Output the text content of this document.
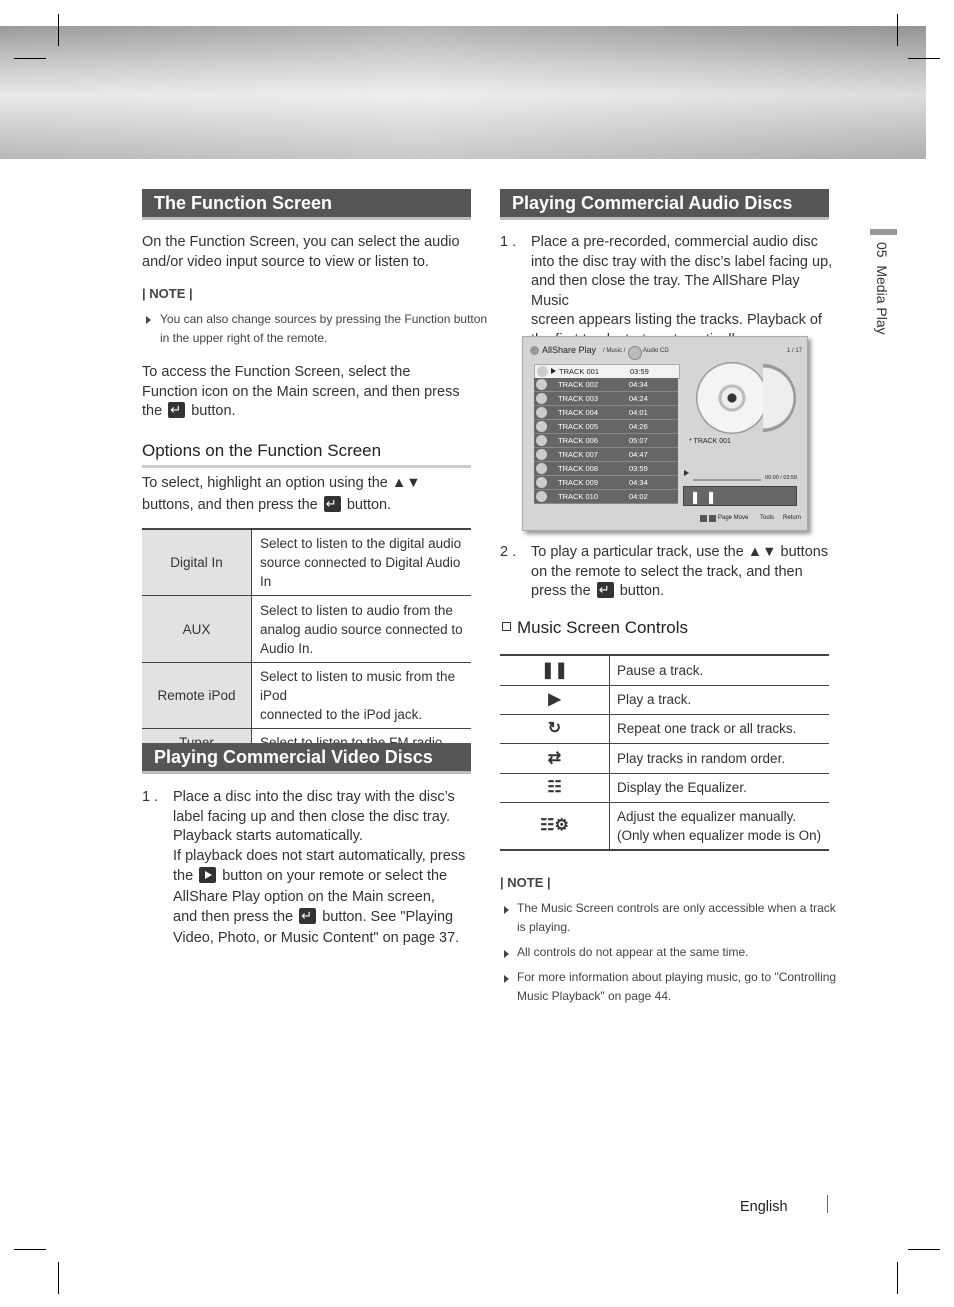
05  Media Play
The Function Screen
On the Function Screen, you can select the audio and/or video input source to view or listen to.
| NOTE |
You can also change sources by pressing the Function button
in the upper right of the remote.
To access the Function Screen, select the
Function icon on the Main screen, and then press
the ↵ button.
Options on the Function Screen
To select, highlight an option using the ▲▼
buttons, and then press the ↵ button.
Digital In	Select to listen to the digital audio
source connected to Digital Audio In

AUX	Select to listen to audio from the
analog audio source connected to
Audio In.

Remote iPod	Select to listen to music from the iPod
connected to the iPod jack.

Playing Commercial Video Discs
1 . Place a disc into the disc tray with the disc’s
label facing up and then close the disc tray.
Playback starts automatically.
If playback does not start automatically, press
the button on your remote or select the
AllShare Play option on the Main screen,
and then press the ↵ button. See "Playing
Video, Photo, or Music Content" on page 37.
Playing Commercial Audio Discs
1 . Place a pre-recorded, commercial audio disc
into the disc tray with the disc’s label facing up,
and then close the tray. The AllShare Play Music
screen appears listing the tracks. Playback of
AllShare Play / Music /	Audio CD	1 / 17
TRACK 001	03:59
TRACK 002	04:34
TRACK 003	04:24
TRACK 004	04:01
TRACK 005	04:26
TRACK 006	05:07
TRACK 007	04:47
TRACK 008	03:59
TRACK 009	04:34
TRACK 010	04:02
* TRACK 001
00:00 / 03:59
❚❚
Page Move Tools Return
2 . To play a particular track, use the ▲▼ buttons
on the remote to select the track, and then
press the ↵ button.
Music Screen Controls
❚❚	Pause a track.
▶	Play a track.
↻	Repeat one track or all tracks.
⇄	Play tracks in random order.
☷	Display the Equalizer.
☷⚙	Adjust the equalizer manually.
(Only when equalizer mode is On)
| NOTE |
The Music Screen controls are only accessible when a track
is playing.
All controls do not appear at the same time.
For more information about playing music, go to "Controlling
Music Playback" on page 44.
English
